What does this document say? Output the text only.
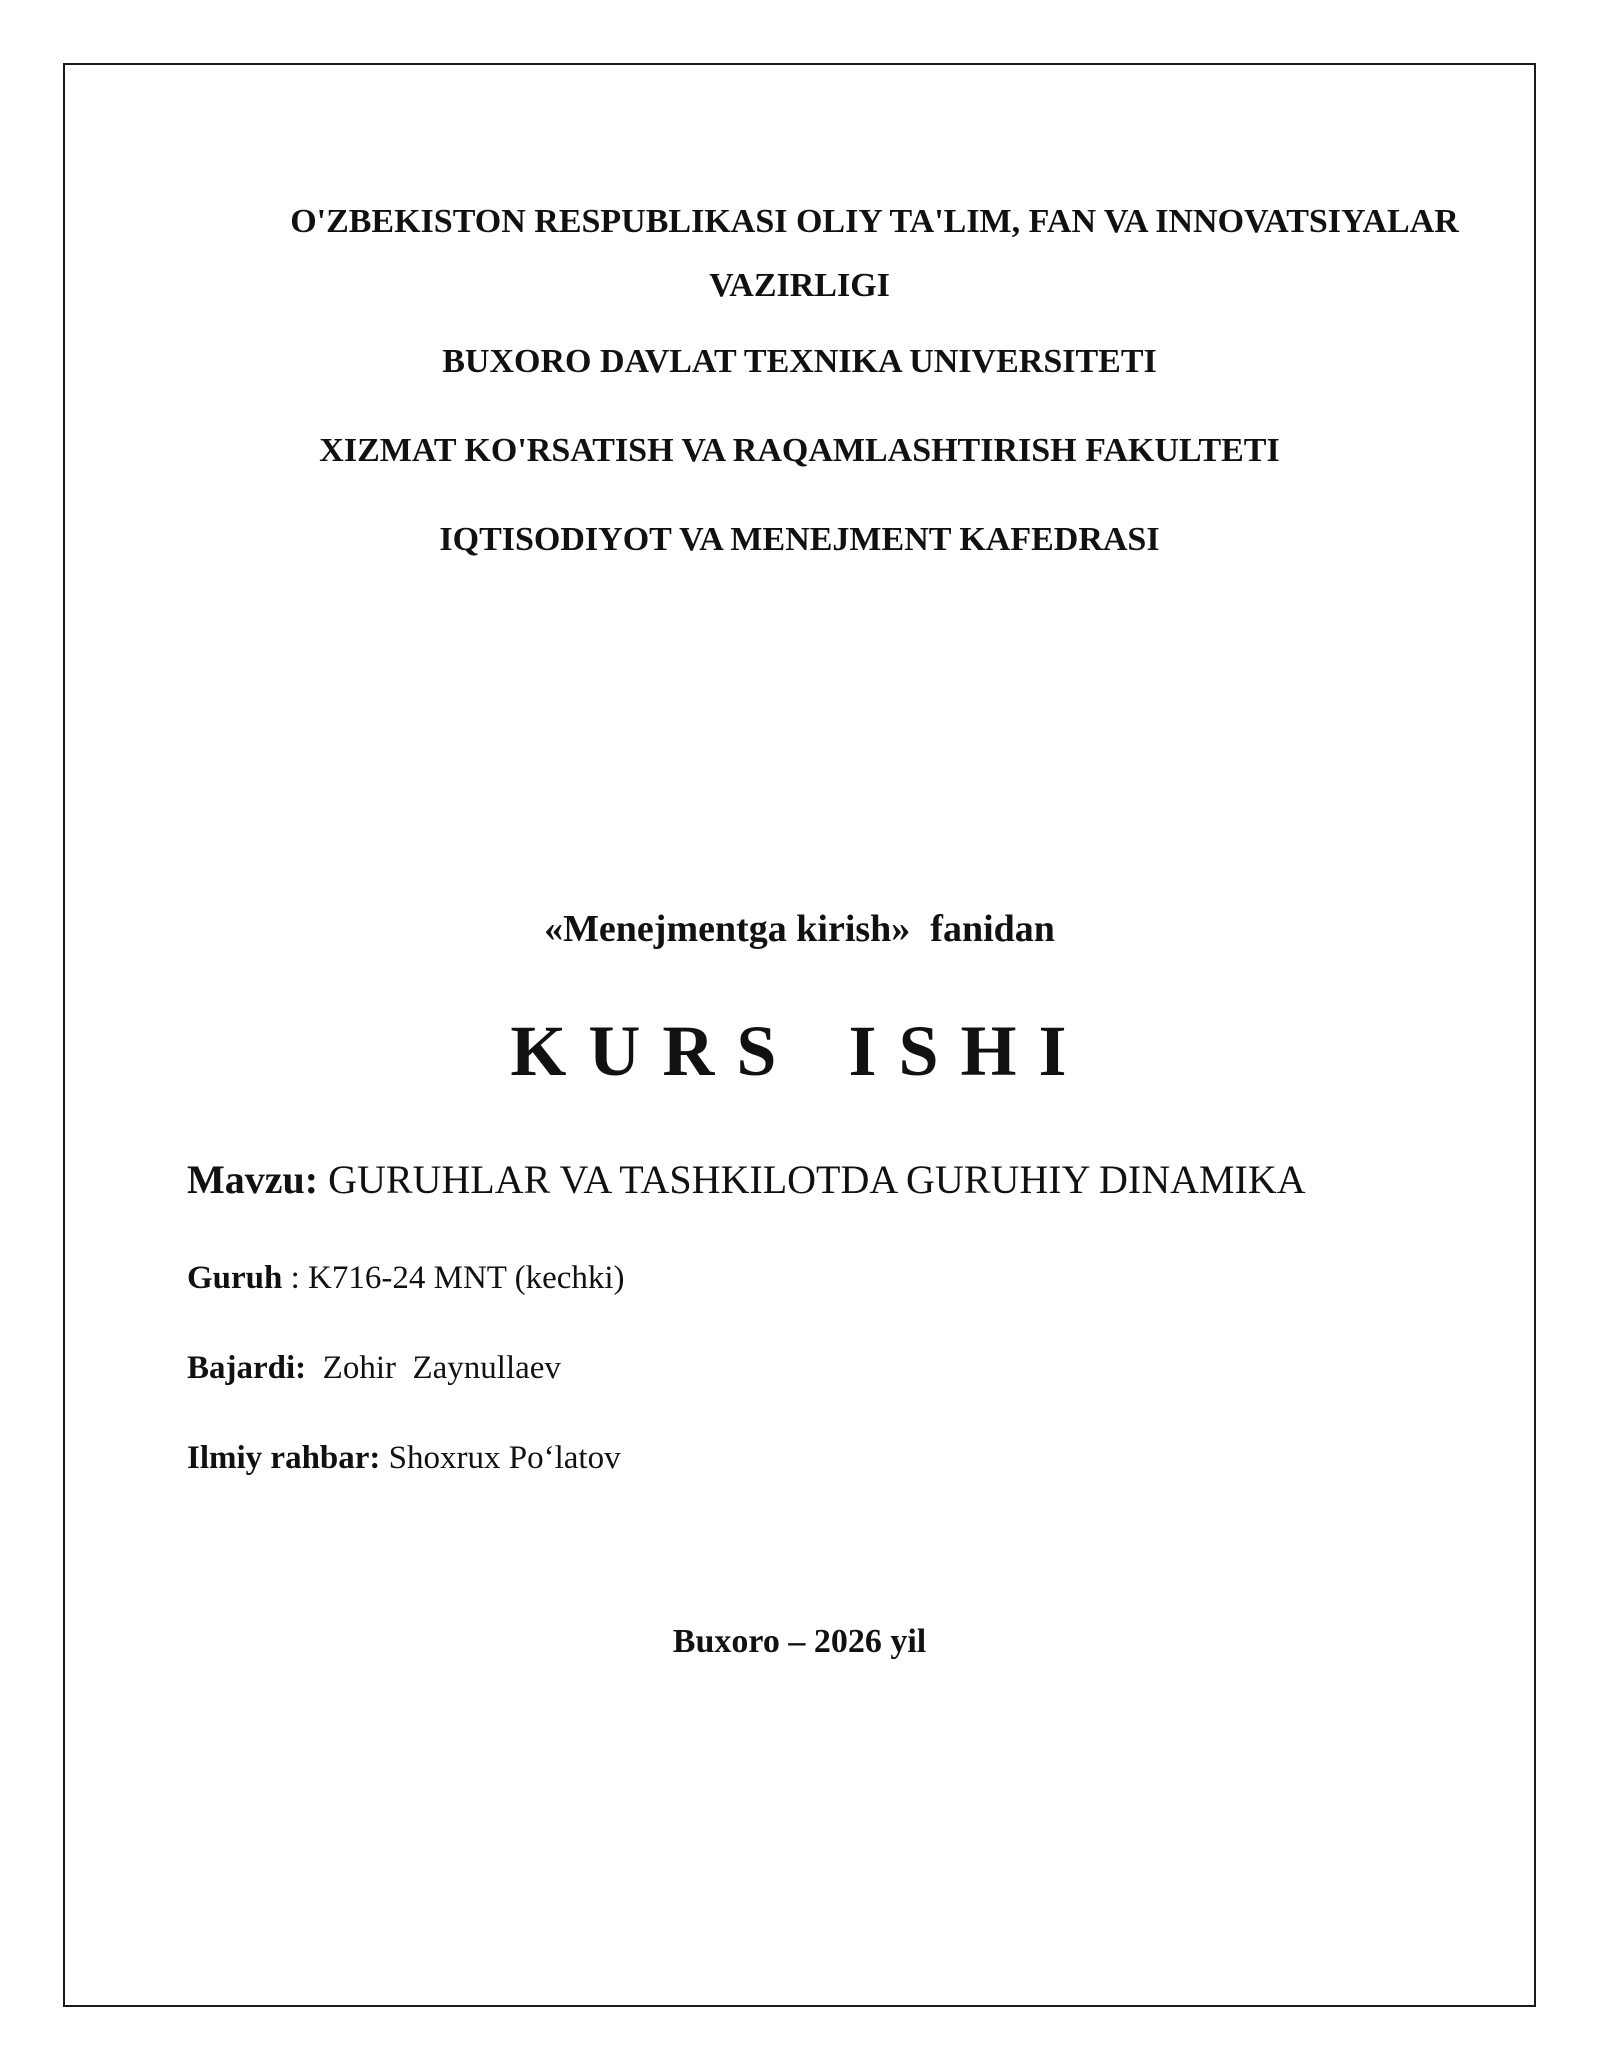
O'ZBEKISTON RESPUBLIKASI OLIY TA'LIM, FAN VA INNOVATSIYALAR
VAZIRLIGI
BUXORO DAVLAT TEXNIKA UNIVERSITETI
XIZMAT KO'RSATISH VA RAQAMLASHTIRISH FAKULTETI
IQTISODIYOT VA MENEJMENT KAFEDRASI
«Menejmentga kirish» fanidan
KURS ISHI
Mavzu: GURUHLAR VA TASHKILOTDA GURUHIY DINAMIKA
Guruh : K716-24 MNT (kechki)
Bajardi: Zohir  Zaynullaev
Ilmiy rahbar: Shoxrux Po‘latov
Buxoro – 2026 yil
